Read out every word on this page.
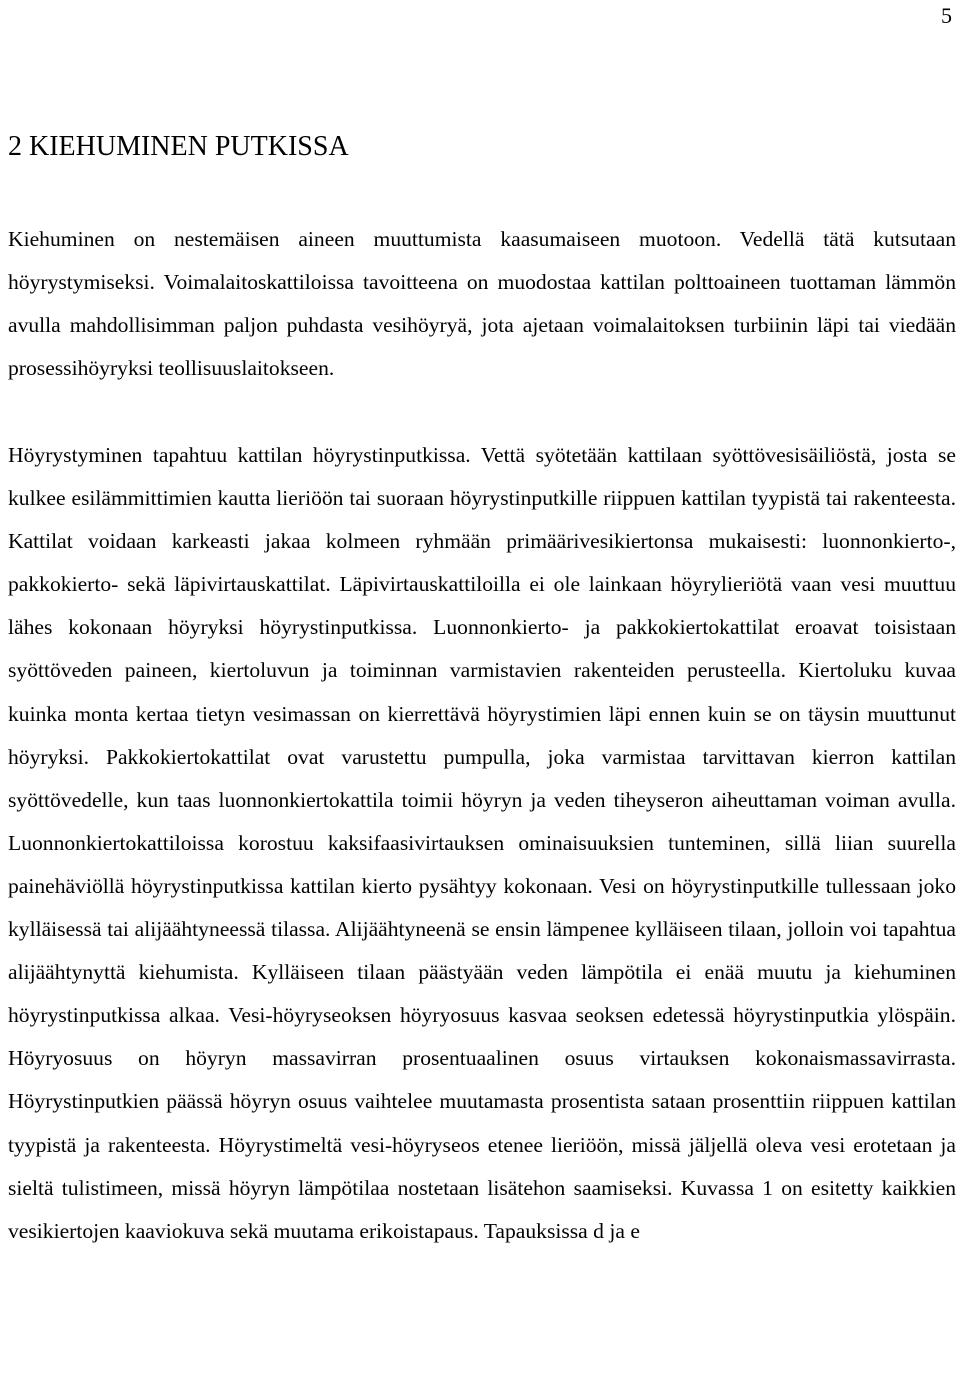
5
2 KIEHUMINEN PUTKISSA

Kiehuminen on nestemäisen aineen muuttumista kaasumaiseen muotoon. Vedellä tätä kutsutaan höyrystymiseksi. Voimalaitoskattiloissa tavoitteena on muodostaa kattilan polttoaineen tuottaman lämmön avulla mahdollisimman paljon puhdasta vesihöyryä, jota ajetaan voimalaitoksen turbiinin läpi tai viedään prosessihöyryksi teollisuuslaitokseen.

Höyrystyminen tapahtuu kattilan höyrystinputkissa. Vettä syötetään kattilaan syöttövesisäiliöstä, josta se kulkee esilämmittimien kautta lieriöön tai suoraan höyrystinputkille riippuen kattilan tyypistä tai rakenteesta. Kattilat voidaan karkeasti jakaa kolmeen ryhmään primäärivesikiertonsa mukaisesti: luonnonkierto-, pakkokierto- sekä läpivirtauskattilat. Läpivirtauskattiloilla ei ole lainkaan höyrylieriötä vaan vesi muuttuu lähes kokonaan höyryksi höyrystinputkissa. Luonnonkierto- ja pakkokiertokattilat eroavat toisistaan syöttöveden paineen, kiertoluvun ja toiminnan varmistavien rakenteiden perusteella. Kiertoluku kuvaa kuinka monta kertaa tietyn vesimassan on kierrettävä höyrystimien läpi ennen kuin se on täysin muuttunut höyryksi. Pakkokiertokattilat ovat varustettu pumpulla, joka varmistaa tarvittavan kierron kattilan syöttövedelle, kun taas luonnonkiertokattila toimii höyryn ja veden tiheyseron aiheuttaman voiman avulla. Luonnonkiertokattiloissa korostuu kaksifaasivirtauksen ominaisuuksien tunteminen, sillä liian suurella painehäviöllä höyrystinputkissa kattilan kierto pysähtyy kokonaan. Vesi on höyrystinputkille tullessaan joko kylläisessä tai alijäähtyneessä tilassa. Alijäähtyneenä se ensin lämpenee kylläiseen tilaan, jolloin voi tapahtua alijäähtynyttä kiehumista. Kylläiseen tilaan päästyään veden lämpötila ei enää muutu ja kiehuminen höyrystinputkissa alkaa. Vesi-höyryseoksen höyryosuus kasvaa seoksen edetessä höyrystinputkia ylöspäin. Höyryosuus on höyryn massavirran prosentuaalinen osuus virtauksen kokonaismassavirrasta. Höyrystinputkien päässä höyryn osuus vaihtelee muutamasta prosentista sataan prosenttiin riippuen kattilan tyypistä ja rakenteesta. Höyrystimeltä vesi-höyryseos etenee lieriöön, missä jäljellä oleva vesi erotetaan ja sieltä tulistimeen, missä höyryn lämpötilaa nostetaan lisätehon saamiseksi. Kuvassa 1 on esitetty kaikkien vesikiertojen kaaviokuva sekä muutama erikoistapaus. Tapauksissa d ja e
